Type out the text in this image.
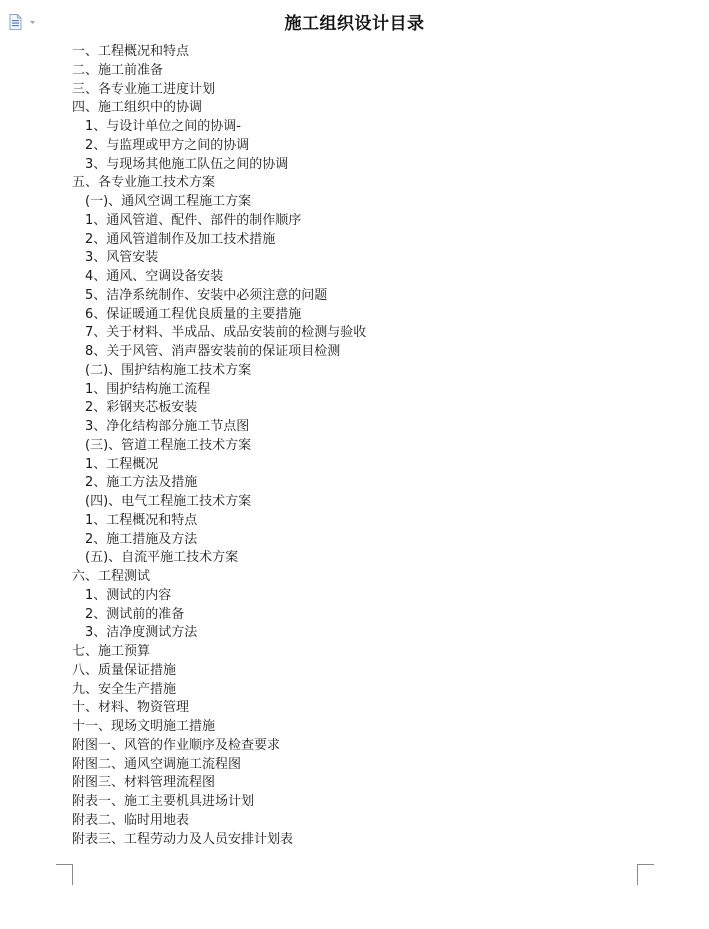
施工组织设计目录
一、工程概况和特点
二、施工前准备
三、各专业施工进度计划
四、施工组织中的协调
1、与设计单位之间的协调-
2、与监理或甲方之间的协调
3、与现场其他施工队伍之间的协调
五、各专业施工技术方案
(一)、通风空调工程施工方案
1、通风管道、配件、部件的制作顺序
2、通风管道制作及加工技术措施
3、风管安装
4、通风、空调设备安装
5、洁净系统制作、安装中必须注意的问题
6、保证暖通工程优良质量的主要措施
7、关于材料、半成品、成品安装前的检测与验收
8、关于风管、消声器安装前的保证项目检测
(二)、围护结构施工技术方案
1、围护结构施工流程
2、彩钢夹芯板安装
3、净化结构部分施工节点图
(三)、管道工程施工技术方案
1、工程概况
2、施工方法及措施
(四)、电气工程施工技术方案
1、工程概况和特点
2、施工措施及方法
(五)、自流平施工技术方案
六、工程测试
1、测试的内容
2、测试前的准备
3、洁净度测试方法
七、施工预算
八、质量保证措施
九、安全生产措施
十、材料、物资管理
十一、现场文明施工措施
附图一、风管的作业顺序及检查要求
附图二、通风空调施工流程图
附图三、材料管理流程图
附表一、施工主要机具进场计划
附表二、临时用地表
附表三、工程劳动力及人员安排计划表
